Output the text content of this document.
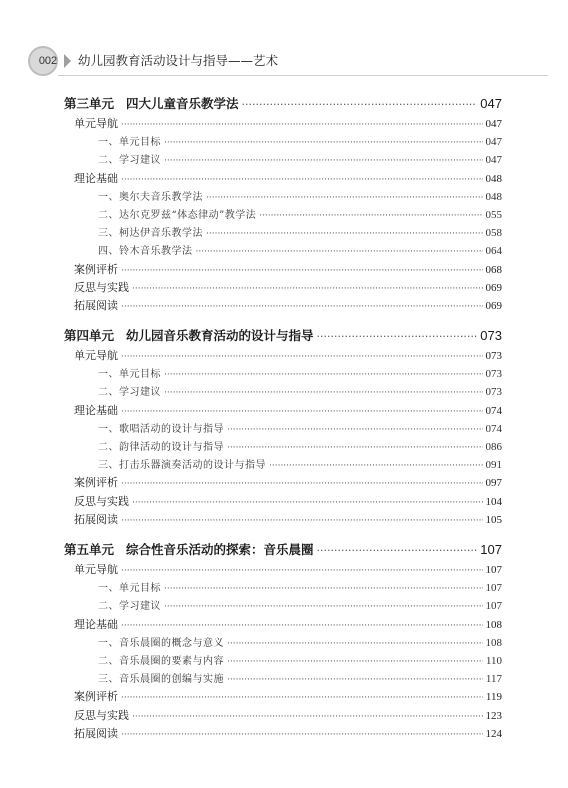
002	幼儿园教育活动设计与指导——艺术
第三单元 四大儿童音乐教学法 ·····	047
单元导航 ·····	047
一、单元目标 ·····	047
二、学习建议 ·····	047
理论基础 ·····	048
一、奥尔夫音乐教学法 ·····	048
二、达尔克罗兹“体态律动”教学法 ·····	055
三、柯达伊音乐教学法 ·····	058
四、铃木音乐教学法 ·····	064
案例评析 ·····	068
反思与实践 ·····	069
拓展阅读 ·····	069
第四单元 幼儿园音乐教育活动的设计与指导 ·····	073
单元导航 ·····	073
一、单元目标 ·····	073
二、学习建议 ·····	073
理论基础 ·····	074
一、歌唱活动的设计与指导 ·····	074
二、韵律活动的设计与指导 ·····	086
三、打击乐器演奏活动的设计与指导 ·····	091
案例评析 ·····	097
反思与实践 ·····	104
拓展阅读 ·····	105
第五单元 综合性音乐活动的探索：音乐晨圈 ·····	107
单元导航 ·····	107
一、单元目标 ·····	107
二、学习建议 ·····	107
理论基础 ·····	108
一、音乐晨圈的概念与意义 ·····	108
二、音乐晨圈的要素与内容 ·····	110
三、音乐晨圈的创编与实施 ·····	117
案例评析 ·····	119
反思与实践 ·····	123
拓展阅读 ·····	124
